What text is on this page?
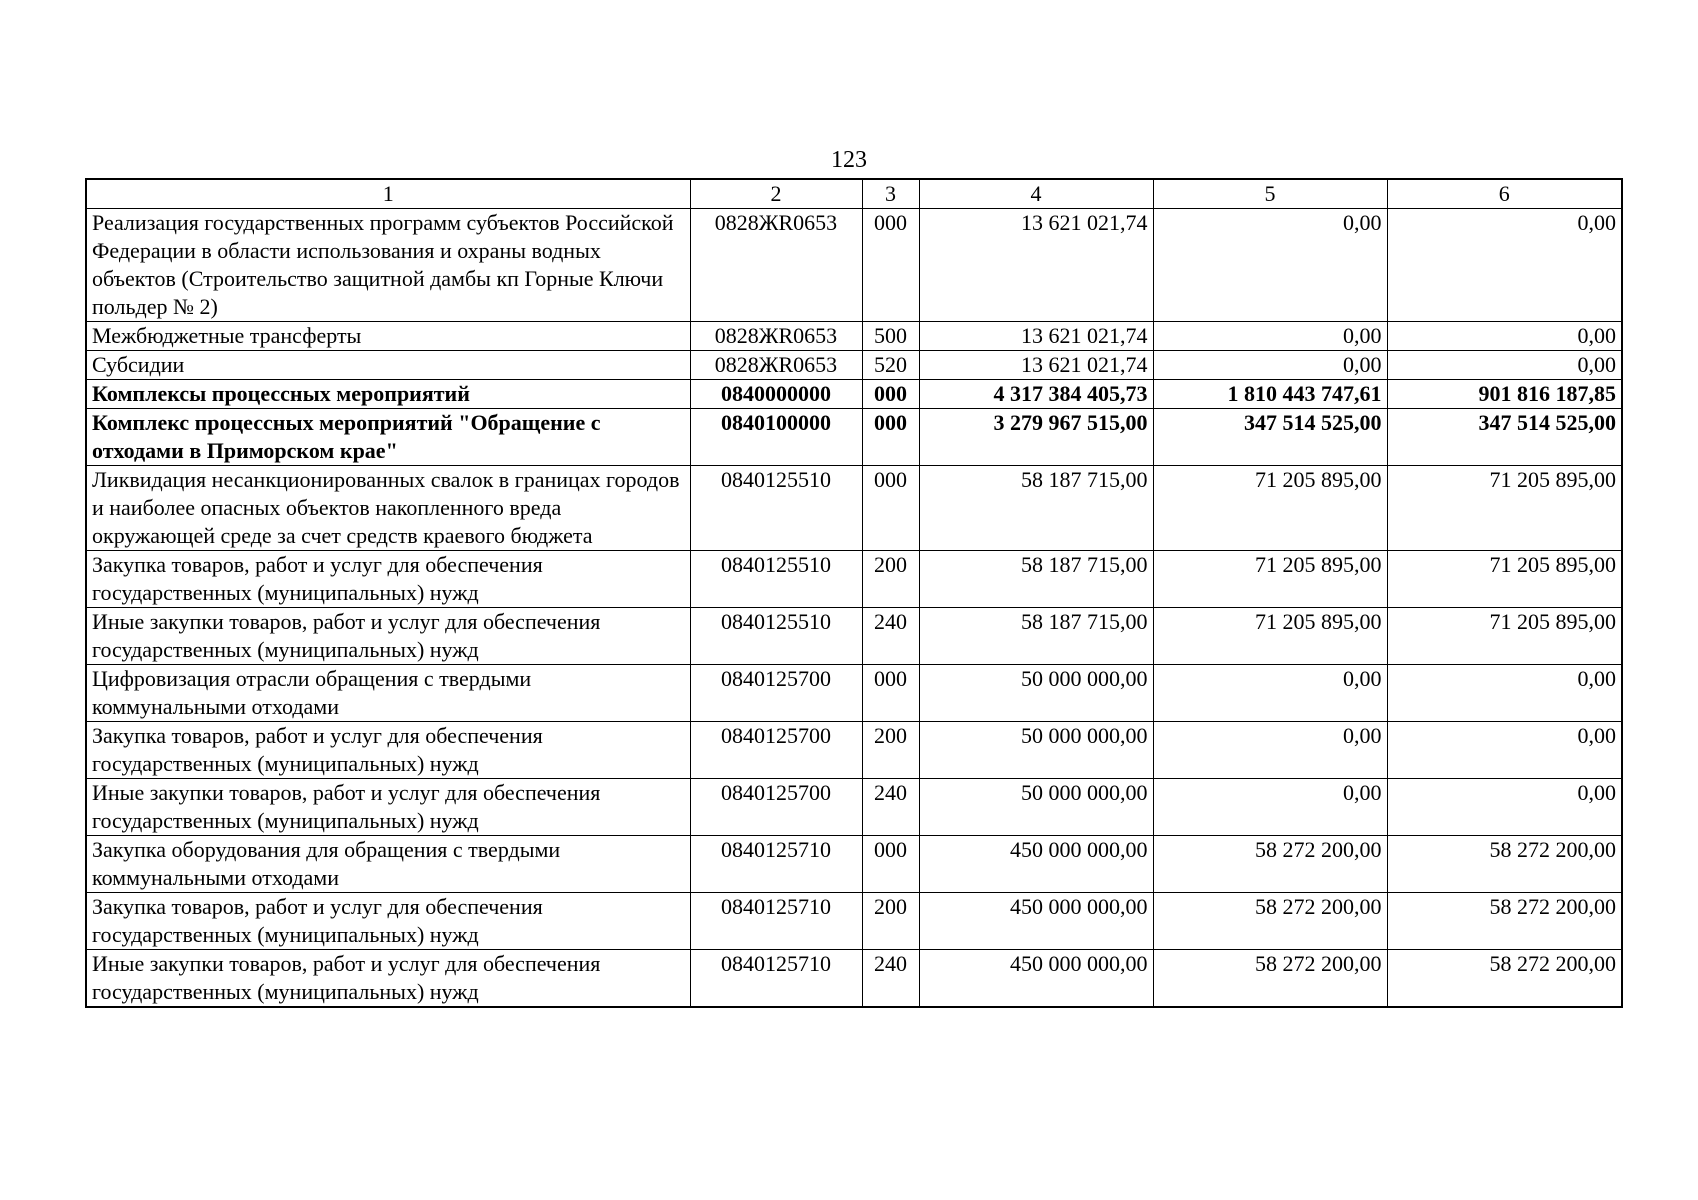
123
1	2	3	4	5	6
Реализация государственных программ субъектов Российской Федерации в области использования и охраны водных объектов (Строительство защитной дамбы кп Горные Ключи польдер № 2)	0828ЖR0653	000	13 621 021,74	0,00	0,00
Межбюджетные трансферты	0828ЖR0653	500	13 621 021,74	0,00	0,00
Субсидии	0828ЖR0653	520	13 621 021,74	0,00	0,00
Комплексы процессных мероприятий	0840000000	000	4 317 384 405,73	1 810 443 747,61	901 816 187,85
Комплекс процессных мероприятий "Обращение с отходами в Приморском крае"	0840100000	000	3 279 967 515,00	347 514 525,00	347 514 525,00
Ликвидация несанкционированных свалок в границах городов и наиболее опасных объектов накопленного вреда окружающей среде за счет средств краевого бюджета	0840125510	000	58 187 715,00	71 205 895,00	71 205 895,00
Закупка товаров, работ и услуг для обеспечения государственных (муниципальных) нужд	0840125510	200	58 187 715,00	71 205 895,00	71 205 895,00
Иные закупки товаров, работ и услуг для обеспечения государственных (муниципальных) нужд	0840125510	240	58 187 715,00	71 205 895,00	71 205 895,00
Цифровизация отрасли обращения с твердыми коммунальными отходами	0840125700	000	50 000 000,00	0,00	0,00
Закупка товаров, работ и услуг для обеспечения государственных (муниципальных) нужд	0840125700	200	50 000 000,00	0,00	0,00
Иные закупки товаров, работ и услуг для обеспечения государственных (муниципальных) нужд	0840125700	240	50 000 000,00	0,00	0,00
Закупка оборудования для обращения с твердыми коммунальными отходами	0840125710	000	450 000 000,00	58 272 200,00	58 272 200,00
Закупка товаров, работ и услуг для обеспечения государственных (муниципальных) нужд	0840125710	200	450 000 000,00	58 272 200,00	58 272 200,00
Иные закупки товаров, работ и услуг для обеспечения государственных (муниципальных) нужд	0840125710	240	450 000 000,00	58 272 200,00	58 272 200,00
